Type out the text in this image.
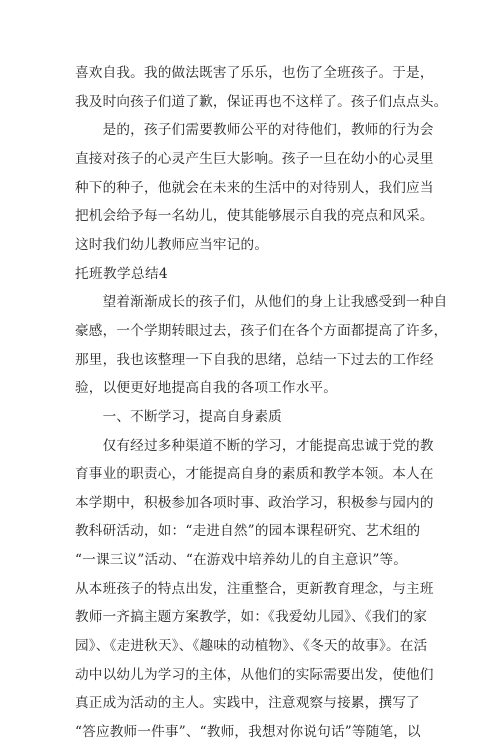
喜欢自我。我的做法既害了乐乐，也伤了全班孩子。于是，
我及时向孩子们道了歉，保证再也不这样了。孩子们点点头。
　　是的，孩子们需要教师公平的对待他们，教师的行为会
直接对孩子的心灵产生巨大影响。孩子一旦在幼小的心灵里
种下的种子，他就会在未来的生活中的对待别人，我们应当
把机会给予每一名幼儿，使其能够展示自我的亮点和风采。
这时我们幼儿教师应当牢记的。
托班教学总结4
　　望着渐渐成长的孩子们，从他们的身上让我感受到一种自
豪感，一个学期转眼过去，孩子们在各个方面都提高了许多，
那里，我也该整理一下自我的思绪，总结一下过去的工作经
验，以便更好地提高自我的各项工作水平。
　　一、不断学习，提高自身素质
　　仅有经过多种渠道不断的学习，才能提高忠诚于党的教
育事业的职责心，才能提高自身的素质和教学本领。本人在
本学期中，积极参加各项时事、政治学习，积极参与园内的
教科研活动，如：“走进自然”的园本课程研究、艺术组的
“一课三议”活动、“在游戏中培养幼儿的自主意识”等。
从本班孩子的特点出发，注重整合，更新教育理念，与主班
教师一齐搞主题方案教学，如：《我爱幼儿园》、《我们的家
园》、《走进秋天》、《趣味的动植物》、《冬天的故事》。在活
动中以幼儿为学习的主体，从他们的实际需要出发，使他们
真正成为活动的主人。实践中，注意观察与接累，撰写了
“答应教师一件事”、“教师，我想对你说句话”等随笔，以
